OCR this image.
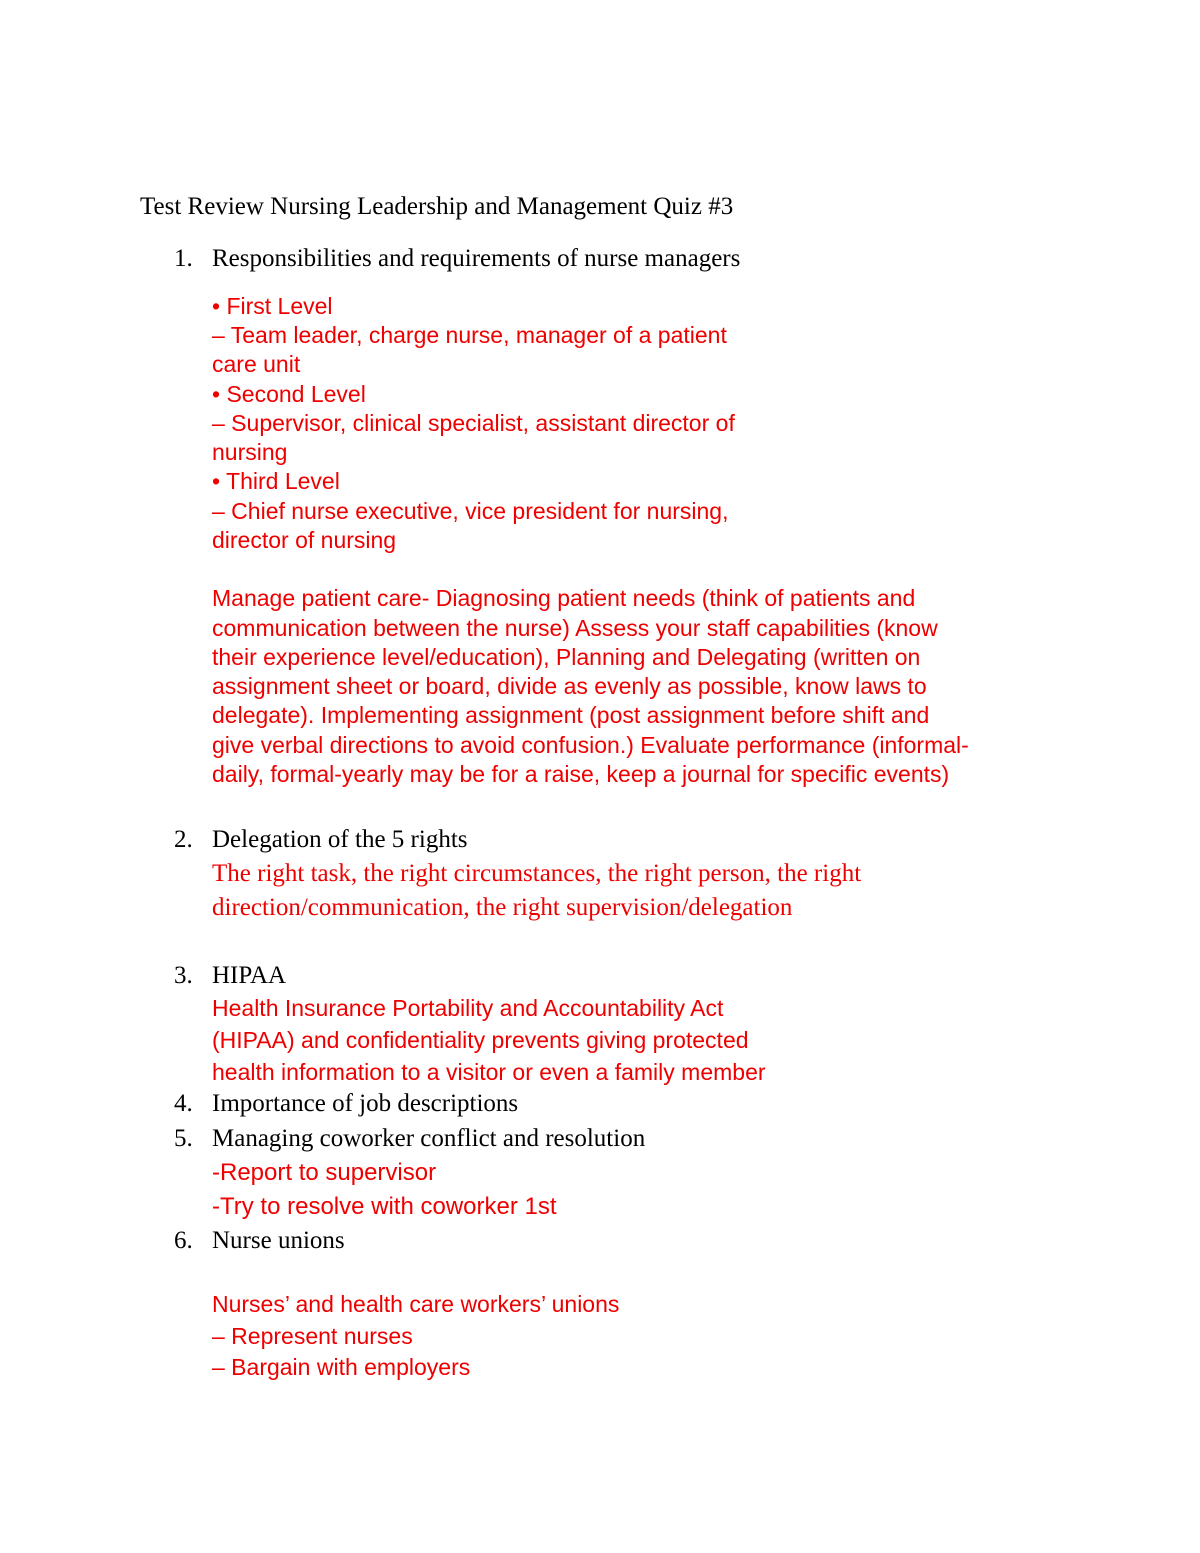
Test Review Nursing Leadership and Management Quiz #3
1. Responsibilities and requirements of nurse managers
• First Level
– Team leader, charge nurse, manager of a patient
care unit
• Second Level
– Supervisor, clinical specialist, assistant director of
nursing
• Third Level
– Chief nurse executive, vice president for nursing,
director of nursing
Manage patient care- Diagnosing patient needs (think of patients and
communication between the nurse) Assess your staff capabilities (know
their experience level/education), Planning and Delegating (written on
assignment sheet or board, divide as evenly as possible, know laws to
delegate). Implementing assignment (post assignment before shift and
give verbal directions to avoid confusion.) Evaluate performance (informal-
daily, formal-yearly may be for a raise, keep a journal for specific events)
2. Delegation of the 5 rights
The right task, the right circumstances, the right person, the right
direction/communication, the right supervision/delegation
3. HIPAA
Health Insurance Portability and Accountability Act
(HIPAA) and confidentiality prevents giving protected
health information to a visitor or even a family member
4. Importance of job descriptions
5. Managing coworker conflict and resolution
-Report to supervisor
-Try to resolve with coworker 1st
6. Nurse unions
Nurses’ and health care workers’ unions
– Represent nurses
– Bargain with employers
